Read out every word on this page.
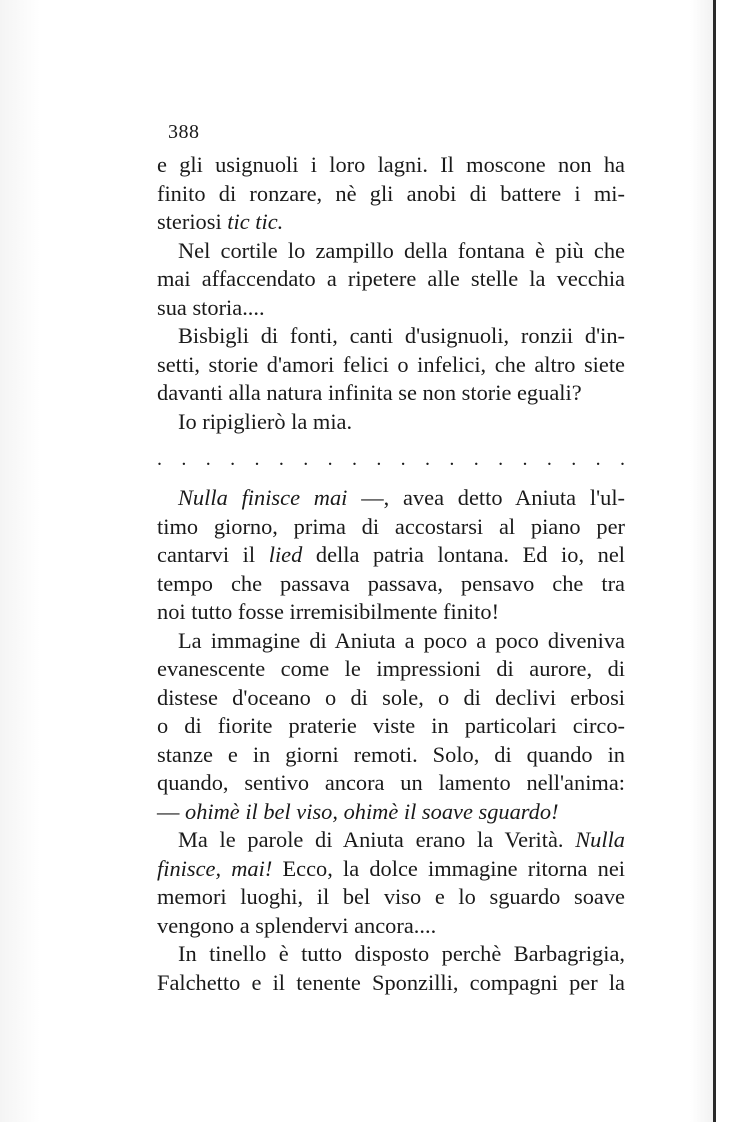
388
e gli usignuoli i loro lagni. Il moscone non ha
finito di ronzare, nè gli anobi di battere i mi-
steriosi tic tic.
Nel cortile lo zampillo della fontana è più che
mai affaccendato a ripetere alle stelle la vecchia
sua storia....
Bisbigli di fonti, canti d'usignuoli, ronzii d'in-
setti, storie d'amori felici o infelici, che altro siete
davanti alla natura infinita se non storie eguali?
Io ripiglierò la mia.
. . . . . . . . . . . . . . . . . . . .
Nulla finisce mai —, avea detto Aniuta l'ul-
timo giorno, prima di accostarsi al piano per
cantarvi il lied della patria lontana. Ed io, nel
tempo che passava passava, pensavo che tra
noi tutto fosse irremisibilmente finito!
La immagine di Aniuta a poco a poco diveniva
evanescente come le impressioni di aurore, di
distese d'oceano o di sole, o di declivi erbosi
o di fiorite praterie viste in particolari circo-
stanze e in giorni remoti. Solo, di quando in
quando, sentivo ancora un lamento nell'anima:
— ohimè il bel viso, ohimè il soave sguardo!
Ma le parole di Aniuta erano la Verità. Nulla
finisce, mai! Ecco, la dolce immagine ritorna nei
memori luoghi, il bel viso e lo sguardo soave
vengono a splendervi ancora....
In tinello è tutto disposto perchè Barbagrigia,
Falchetto e il tenente Sponzilli, compagni per la
